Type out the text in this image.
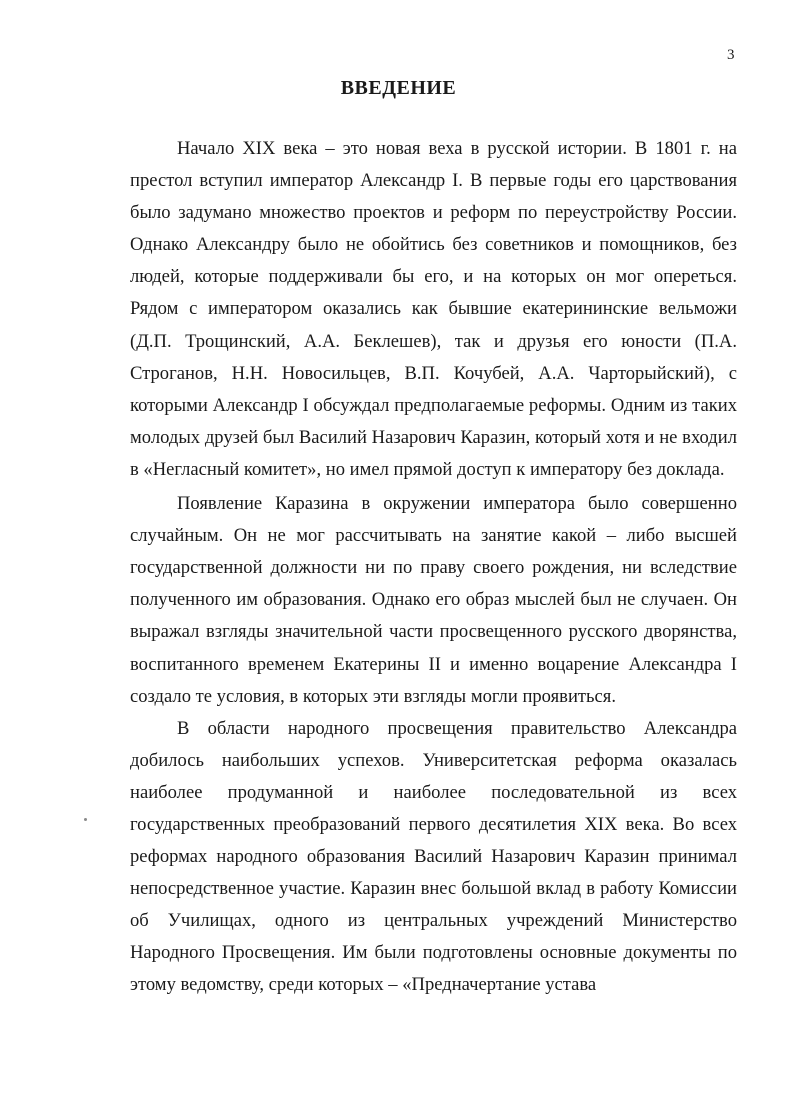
3
ВВЕДЕНИЕ

Начало XIX века – это новая веха в русской истории. В 1801 г. на престол вступил император Александр I. В первые годы его царствования было задумано множество проектов и реформ по переустройству России. Однако Александру было не обойтись без советников и помощников, без людей, которые поддерживали бы его, и на которых он мог опереться. Рядом с императором оказались как бывшие екатерининские вельможи (Д.П. Трощинский, А.А. Беклешев), так и друзья его юности (П.А. Строганов, Н.Н. Новосильцев, В.П. Кочубей, А.А. Чарторыйский), с которыми Александр I обсуждал предполагаемые реформы. Одним из таких молодых друзей был Василий Назарович Каразин, который хотя и не входил в «Негласный комитет», но имел прямой доступ к императору без доклада.

Появление Каразина в окружении императора было совершенно случайным. Он не мог рассчитывать на занятие какой – либо высшей государственной должности ни по праву своего рождения, ни вследствие полученного им образования. Однако его образ мыслей был не случаен. Он выражал взгляды значительной части просвещенного русского дворянства, воспитанного временем Екатерины II и именно воцарение Александра I создало те условия, в которых эти взгляды могли проявиться.

В области народного просвещения правительство Александра добилось наибольших успехов. Университетская реформа оказалась наиболее продуманной и наиболее последовательной из всех государственных преобразований первого десятилетия XIX века. Во всех реформах народного образования Василий Назарович Каразин принимал непосредственное участие. Каразин внес большой вклад в работу Комиссии об Училищах, одного из центральных учреждений Министерство Народного Просвещения. Им были подготовлены основные документы по этому ведомству, среди которых – «Предначертание устава
